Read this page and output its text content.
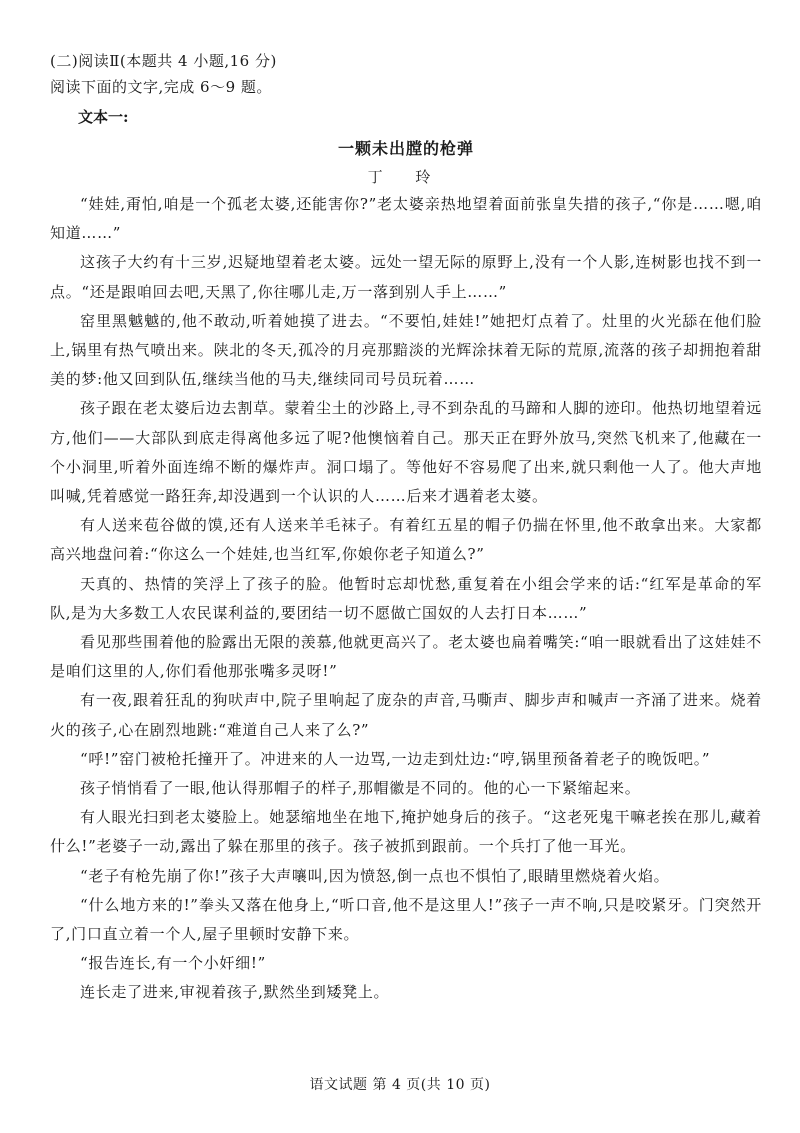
(二)阅读Ⅱ(本题共 4 小题,16 分)
阅读下面的文字,完成 6～9 题。
文本一:
一颗未出膛的枪弹
丁 玲

“娃娃,甭怕,咱是一个孤老太婆,还能害你?”老太婆亲热地望着面前张皇失措的孩子,“你是……嗯,咱知道……”

这孩子大约有十三岁,迟疑地望着老太婆。远处一望无际的原野上,没有一个人影,连树影也找不到一点。“还是跟咱回去吧,天黑了,你往哪儿走,万一落到别人手上……”

窑里黑魆魆的,他不敢动,听着她摸了进去。“不要怕,娃娃!”她把灯点着了。灶里的火光舔在他们脸上,锅里有热气喷出来。陕北的冬天,孤冷的月亮那黯淡的光辉涂抹着无际的荒原,流落的孩子却拥抱着甜美的梦:他又回到队伍,继续当他的马夫,继续同司号员玩着……

孩子跟在老太婆后边去割草。蒙着尘土的沙路上,寻不到杂乱的马蹄和人脚的迹印。他热切地望着远方,他们——大部队到底走得离他多远了呢?他懊恼着自己。那天正在野外放马,突然飞机来了,他藏在一个小洞里,听着外面连绵不断的爆炸声。洞口塌了。等他好不容易爬了出来,就只剩他一人了。他大声地叫喊,凭着感觉一路狂奔,却没遇到一个认识的人……后来才遇着老太婆。

有人送来苞谷做的馍,还有人送来羊毛袜子。有着红五星的帽子仍揣在怀里,他不敢拿出来。大家都高兴地盘问着:“你这么一个娃娃,也当红军,你娘你老子知道么?”

天真的、热情的笑浮上了孩子的脸。他暂时忘却忧愁,重复着在小组会学来的话:“红军是革命的军队,是为大多数工人农民谋利益的,要团结一切不愿做亡国奴的人去打日本……”

看见那些围着他的脸露出无限的羡慕,他就更高兴了。老太婆也扁着嘴笑:“咱一眼就看出了这娃娃不是咱们这里的人,你们看他那张嘴多灵呀!”

有一夜,跟着狂乱的狗吠声中,院子里响起了庞杂的声音,马嘶声、脚步声和喊声一齐涌了进来。烧着火的孩子,心在剧烈地跳:“难道自己人来了么?”

“呼!”窑门被枪托撞开了。冲进来的人一边骂,一边走到灶边:“哼,锅里预备着老子的晚饭吧。”

孩子悄悄看了一眼,他认得那帽子的样子,那帽徽是不同的。他的心一下紧缩起来。

有人眼光扫到老太婆脸上。她瑟缩地坐在地下,掩护她身后的孩子。“这老死鬼干嘛老挨在那儿,藏着什么!”老婆子一动,露出了躲在那里的孩子。孩子被抓到跟前。一个兵打了他一耳光。

“老子有枪先崩了你!”孩子大声嚷叫,因为愤怒,倒一点也不惧怕了,眼睛里燃烧着火焰。

“什么地方来的!”拳头又落在他身上,“听口音,他不是这里人!”孩子一声不响,只是咬紧牙。门突然开了,门口直立着一个人,屋子里顿时安静下来。

“报告连长,有一个小奸细!”

连长走了进来,审视着孩子,默然坐到矮凳上。

语文试题 第 4 页(共 10 页)
